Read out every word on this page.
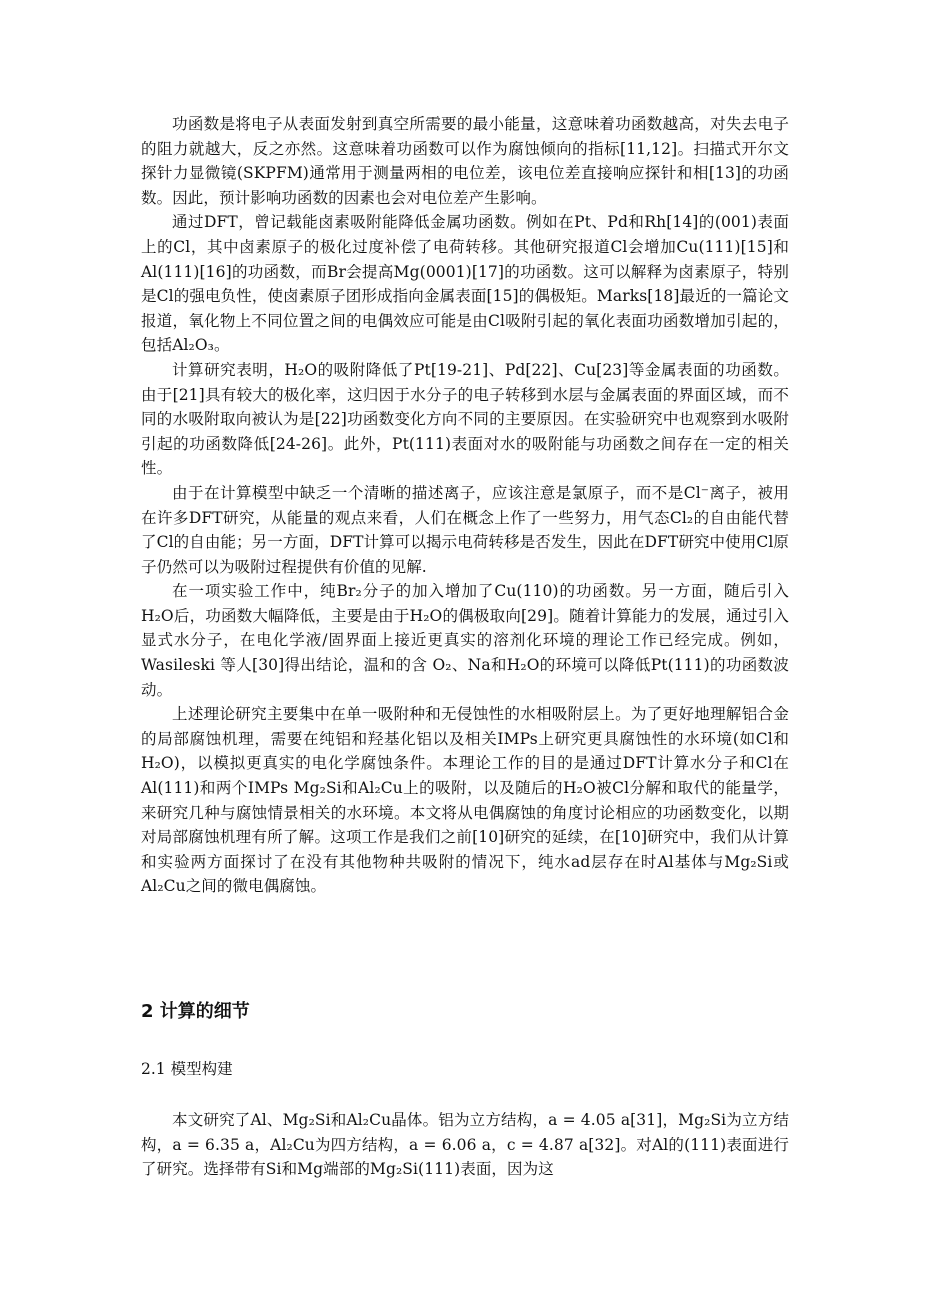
功函数是将电子从表面发射到真空所需要的最小能量，这意味着功函数越高，对失去电子的阻力就越大，反之亦然。这意味着功函数可以作为腐蚀倾向的指标[11,12]。扫描式开尔文探针力显微镜(SKPFM)通常用于测量两相的电位差，该电位差直接响应探针和相[13]的功函数。因此，预计影响功函数的因素也会对电位差产生影响。

通过DFT，曾记载能卤素吸附能降低金属功函数。例如在Pt、Pd和Rh[14]的(001)表面上的Cl，其中卤素原子的极化过度补偿了电荷转移。其他研究报道Cl会增加Cu(111)[15]和Al(111)[16]的功函数，而Br会提高Mg(0001)[17]的功函数。这可以解释为卤素原子，特别是Cl的强电负性，使卤素原子团形成指向金属表面[15]的偶极矩。Marks[18]最近的一篇论文报道，氧化物上不同位置之间的电偶效应可能是由Cl吸附引起的氧化表面功函数增加引起的，包括Al₂O₃。

计算研究表明，H₂O的吸附降低了Pt[19-21]、Pd[22]、Cu[23]等金属表面的功函数。由于[21]具有较大的极化率，这归因于水分子的电子转移到水层与金属表面的界面区域，而不同的水吸附取向被认为是[22]功函数变化方向不同的主要原因。在实验研究中也观察到水吸附引起的功函数降低[24-26]。此外，Pt(111)表面对水的吸附能与功函数之间存在一定的相关性。

由于在计算模型中缺乏一个清晰的描述离子，应该注意是氯原子，而不是Cl⁻离子，被用在许多DFT研究，从能量的观点来看，人们在概念上作了一些努力，用气态Cl₂的自由能代替了Cl的自由能；另一方面，DFT计算可以揭示电荷转移是否发生，因此在DFT研究中使用Cl原子仍然可以为吸附过程提供有价值的见解.

在一项实验工作中，纯Br₂分子的加入增加了Cu(110)的功函数。另一方面，随后引入H₂O后，功函数大幅降低，主要是由于H₂O的偶极取向[29]。随着计算能力的发展，通过引入显式水分子，在电化学液/固界面上接近更真实的溶剂化环境的理论工作已经完成。例如，Wasileski 等人[30]得出结论，温和的含 O₂、Na和H₂O的环境可以降低Pt(111)的功函数波动。

上述理论研究主要集中在单一吸附种和无侵蚀性的水相吸附层上。为了更好地理解铝合金的局部腐蚀机理，需要在纯铝和羟基化铝以及相关IMPs上研究更具腐蚀性的水环境(如Cl和H₂O)，以模拟更真实的电化学腐蚀条件。本理论工作的目的是通过DFT计算水分子和Cl在Al(111)和两个IMPs Mg₂Si和Al₂Cu上的吸附，以及随后的H₂O被Cl分解和取代的能量学，来研究几种与腐蚀情景相关的水环境。本文将从电偶腐蚀的角度讨论相应的功函数变化，以期对局部腐蚀机理有所了解。这项工作是我们之前[10]研究的延续，在[10]研究中，我们从计算和实验两方面探讨了在没有其他物种共吸附的情况下，纯水ad层存在时Al基体与Mg₂Si或Al₂Cu之间的微电偶腐蚀。

2 计算的细节
2.1 模型构建

本文研究了Al、Mg₂Si和Al₂Cu晶体。铝为立方结构，a = 4.05 a[31]，Mg₂Si为立方结构，a = 6.35 a，Al₂Cu为四方结构，a = 6.06 a，c = 4.87 a[32]。对Al的(111)表面进行了研究。选择带有Si和Mg端部的Mg₂Si(111)表面，因为这
